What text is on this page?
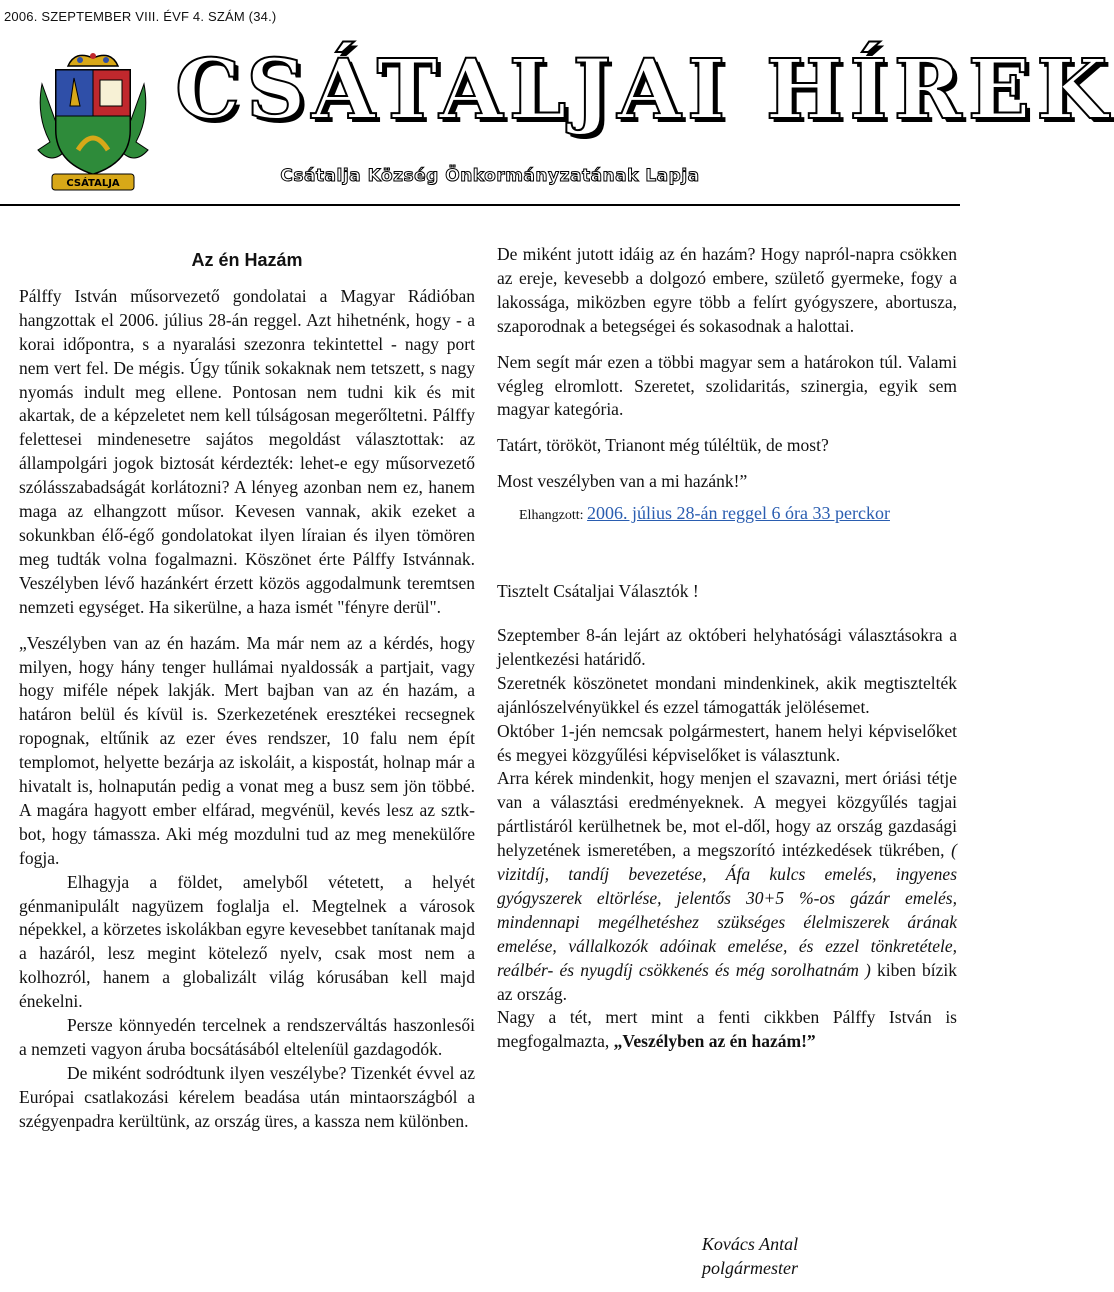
2006. SZEPTEMBER VIII. ÉVF 4. SZÁM (34.)
CSÁTALJA
CSÁTALJAI HÍREK
Csátalja Község Önkormányzatának Lapja
Az én Hazám

Pálffy István műsorvezető gondolatai a Magyar Rádióban hangzottak el 2006. július 28-án reggel. Azt hihetnénk, hogy - a korai időpontra, s a nyaralási szezonra tekintettel - nagy port nem vert fel. De mégis. Úgy tűnik sokaknak nem tetszett, s nagy nyomás indult meg ellene. Pontosan nem tudni kik és mit akartak, de a képzeletet nem kell túlságosan megerőltetni. Pálffy felettesei mindenesetre sajátos megoldást választottak: az állampolgári jogok biztosát kérdezték: lehet-e egy műsorvezető szólásszabadságát korlátozni? A lényeg azonban nem ez, hanem maga az elhangzott műsor. Kevesen vannak, akik ezeket a sokunkban élő-égő gondolatokat ilyen líraian és ilyen tömören meg tudták volna fogalmazni. Köszönet érte Pálffy Istvánnak. Veszélyben lévő hazánkért érzett közös aggodalmunk teremtsen nemzeti egységet. Ha sikerülne, a haza ismét "fényre derül".

„Veszélyben van az én hazám. Ma már nem az a kérdés, hogy milyen, hogy hány tenger hullámai nyaldossák a partjait, vagy hogy miféle népek lakják. Mert bajban van az én hazám, a határon belül és kívül is. Szerkezetének eresztékei recsegnek ropognak, eltűnik az ezer éves rendszer, 10 falu nem épít templomot, helyette bezárja az iskoláit, a kispostát, holnap már a hivatalt is, holnapután pedig a vonat meg a busz sem jön többé. A magára hagyott ember elfárad, megvénül, kevés lesz az sztk-bot, hogy támassza. Aki még mozdulni tud az meg menekülőre fogja.

Elhagyja a földet, amelyből vétetett, a helyét génmanipulált nagyüzem foglalja el. Megtelnek a városok népekkel, a körzetes iskolákban egyre kevesebbet tanítanak majd a hazáról, lesz megint kötelező nyelv, csak most nem a kolhozról, hanem a globalizált világ kórusában kell majd énekelni.

Persze könnyedén tercelnek a rendszerváltás haszonlesői a nemzeti vagyon áruba bocsátásából elteleníül gazdagodók.

De miként sodródtunk ilyen veszélybe? Tizenkét évvel az Európai csatlakozási kérelem beadása után mintaországból a szégyenpadra kerültünk, az ország üres, a kassza nem különben.

De miként jutott idáig az én hazám? Hogy napról-napra csökken az ereje, kevesebb a dolgozó embere, születő gyermeke, fogy a lakossága, miközben egyre több a felírt gyógyszere, abortusza, szaporodnak a betegségei és sokasodnak a halottai.

Nem segít már ezen a többi magyar sem a határokon túl. Valami végleg elromlott. Szeretet, szolidaritás, szinergia, egyik sem magyar kategória.

Tatárt, törököt, Trianont még túléltük, de most?

Most veszélyben van a mi hazánk!”

Elhangzott: 2006. július 28-án reggel 6 óra 33 perckor

Tisztelt Csátaljai Választók !

Szeptember 8-án lejárt az októberi helyhatósági választásokra a jelentkezési határidő.

Szeretnék köszönetet mondani mindenkinek, akik megtisztelték ajánlószelvényükkel és ezzel támogatták jelölésemet.

Október 1-jén nemcsak polgármestert, hanem helyi képviselőket és megyei közgyűlési képviselőket is választunk.

Arra kérek mindenkit, hogy menjen el szavazni, mert óriási tétje van a választási eredményeknek. A megyei közgyűlés tagjai pártlistáról kerülhetnek be, mot el-dől, hogy az ország gazdasági helyzetének ismeretében, a megszorító intézkedések tükrében, ( vizitdíj, tandíj bevezetése, Áfa kulcs emelés, ingyenes gyógyszerek eltörlése, jelentős 30+5 %-os gázár emelés, mindennapi megélhetéshez szükséges élelmiszerek árának emelése, vállalkozók adóinak emelése, és ezzel tönkretétele, reálbér- és nyugdíj csökkenés és még sorolhatnám ) kiben bízik az ország.

Nagy a tét, mert mint a fenti cikkben Pálffy István is megfogalmazta, „Veszélyben az én hazám!”

Kovács Antal
polgármester
